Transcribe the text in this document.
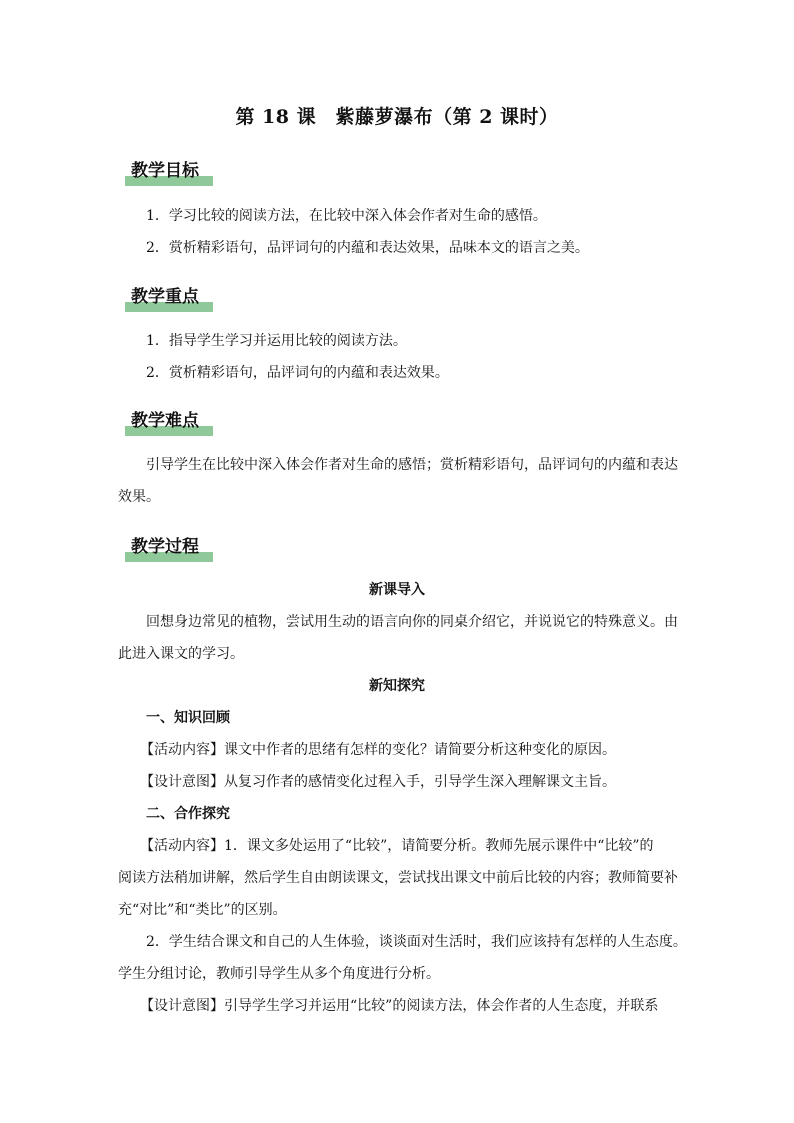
第 18 课　紫藤萝瀑布（第 2 课时）
教学目标
1．学习比较的阅读方法，在比较中深入体会作者对生命的感悟。
2．赏析精彩语句，品评词句的内蕴和表达效果，品味本文的语言之美。
教学重点
1．指导学生学习并运用比较的阅读方法。
2．赏析精彩语句，品评词句的内蕴和表达效果。
教学难点
引导学生在比较中深入体会作者对生命的感悟；赏析精彩语句，品评词句的内蕴和表达
效果。
教学过程
新课导入
回想身边常见的植物，尝试用生动的语言向你的同桌介绍它，并说说它的特殊意义。由
此进入课文的学习。
新知探究
一、知识回顾
【活动内容】课文中作者的思绪有怎样的变化？请简要分析这种变化的原因。
【设计意图】从复习作者的感情变化过程入手，引导学生深入理解课文主旨。
二、合作探究
【活动内容】1．课文多处运用了“比较”，请简要分析。教师先展示课件中“比较”的
阅读方法稍加讲解，然后学生自由朗读课文，尝试找出课文中前后比较的内容；教师简要补
充“对比”和“类比”的区别。
2．学生结合课文和自己的人生体验，谈谈面对生活时，我们应该持有怎样的人生态度。
学生分组讨论，教师引导学生从多个角度进行分析。
【设计意图】引导学生学习并运用“比较”的阅读方法，体会作者的人生态度，并联系
